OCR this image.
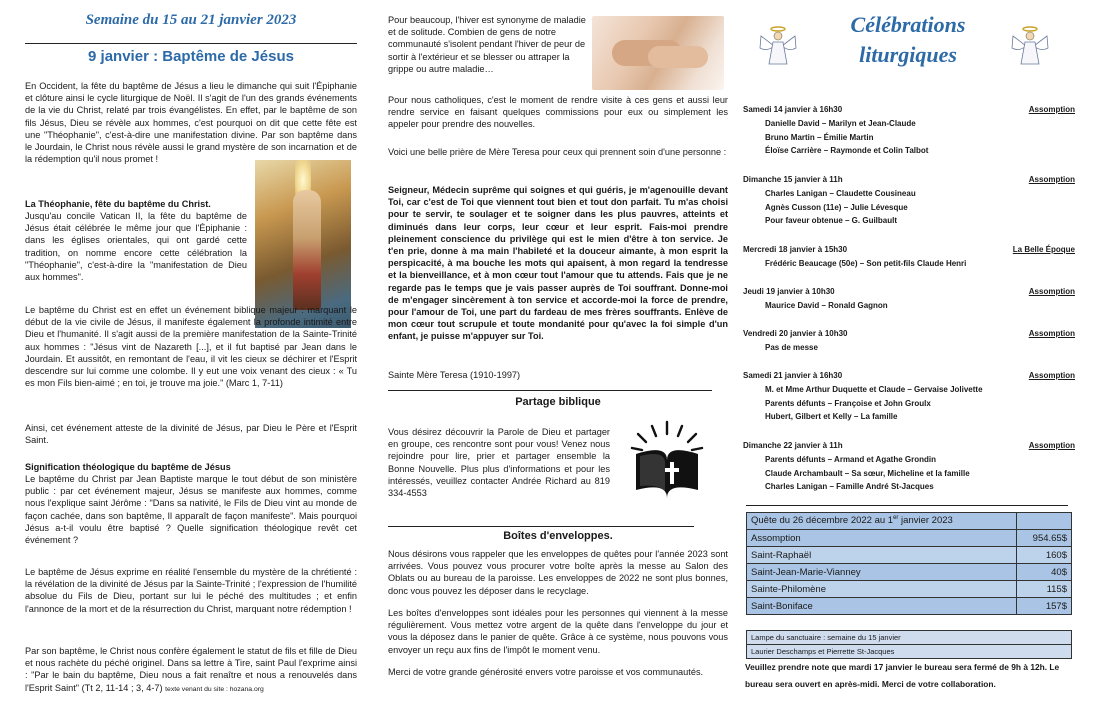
Semaine du 15 au 21 janvier 2023
9 janvier : Baptême de Jésus

En Occident, la fête du baptême de Jésus a lieu le dimanche qui suit l'Épiphanie et clôture ainsi le cycle liturgique de Noël. Il s'agit de l'un des grands événements de la vie du Christ, relaté par trois évangélistes. En effet, par le baptême de son fils Jésus, Dieu se révèle aux hommes, c'est pourquoi on dit que cette fête est une "Théophanie", c'est-à-dire une manifestation divine. Par son baptême dans le Jourdain, le Christ nous révèle aussi le grand mystère de son incarnation et de la rédemption qu'il nous promet !

La Théophanie, fête du baptême du Christ.

Jusqu'au concile Vatican II, la fête du baptême de Jésus était célébrée le même jour que l'Épiphanie : dans les églises orientales, qui ont gardé cette tradition, on nomme encore cette célébration la "Théophanie", c'est-à-dire la "manifestation de Dieu aux hommes".

Le baptême du Christ est en effet un événement biblique majeur : marquant le début de la vie civile de Jésus, il manifeste également la profonde intimité entre Dieu et l'humanité. Il s'agit aussi de la première manifestation de la Sainte-Trinité aux hommes : "Jésus vint de Nazareth [...], et il fut baptisé par Jean dans le Jourdain. Et aussitôt, en remontant de l'eau, il vit les cieux se déchirer et l'Esprit descendre sur lui comme une colombe. Il y eut une voix venant des cieux : « Tu es mon Fils bien-aimé ; en toi, je trouve ma joie." (Marc 1, 7-11)

Ainsi, cet événement atteste de la divinité de Jésus, par Dieu le Père et l'Esprit Saint.

Signification théologique du baptême de Jésus

Le baptême du Christ par Jean Baptiste marque le tout début de son ministère public : par cet événement majeur, Jésus se manifeste aux hommes, comme nous l'explique saint Jérôme : "Dans sa nativité, le Fils de Dieu vint au monde de façon cachée, dans son baptême, Il apparaît de façon manifeste". Mais pourquoi Jésus a-t-il voulu être baptisé ? Quelle signification théologique revêt cet événement ?

Le baptême de Jésus exprime en réalité l'ensemble du mystère de la chrétienté : la révélation de la divinité de Jésus par la Sainte-Trinité ; l'expression de l'humilité absolue du Fils de Dieu, portant sur lui le péché des multitudes ; et enfin l'annonce de la mort et de la résurrection du Christ, marquant notre rédemption !

Par son baptême, le Christ nous confère également le statut de fils et fille de Dieu et nous rachète du péché originel. Dans sa lettre à Tire, saint Paul l'exprime ainsi : "Par le bain du baptême, Dieu nous a fait renaître et nous a renouvelés dans l'Esprit Saint" (Tt 2, 11-14 ; 3, 4-7) texte venant du site : hozana.org

Pour beaucoup, l'hiver est synonyme de maladie et de solitude. Combien de gens de notre communauté s'isolent pendant l'hiver de peur de sortir à l'extérieur et se blesser ou attraper la grippe ou autre maladie…

Pour nous catholiques, c'est le moment de rendre visite à ces gens et aussi leur rendre service en faisant quelques commissions pour eux ou simplement les appeler pour prendre des nouvelles.

Voici une belle prière de Mère Teresa pour ceux qui prennent soin d'une personne :

Seigneur, Médecin suprême qui soignes et qui guéris, je m'agenouille devant Toi, car c'est de Toi que viennent tout bien et tout don parfait. Tu m'as choisi pour te servir, te soulager et te soigner dans les plus pauvres, atteints et diminués dans leur corps, leur cœur et leur esprit. Fais-moi prendre pleinement conscience du privilège qui est le mien d'être à ton service. Je t'en prie, donne à ma main l'habileté et la douceur aimante, à mon esprit la perspicacité, à ma bouche les mots qui apaisent, à mon regard la tendresse et la bienveillance, et à mon cœur tout l'amour que tu attends. Fais que je ne regarde pas le temps que je vais passer auprès de Toi souffrant. Donne-moi de m'engager sincèrement à ton service et accorde-moi la force de prendre, pour l'amour de Toi, une part du fardeau de mes frères souffrants. Enlève de mon cœur tout scrupule et toute mondanité pour qu'avec la foi simple d'un enfant, je puisse m'appuyer sur Toi.

Sainte Mère Teresa (1910-1997)

Partage biblique

Vous désirez découvrir la Parole de Dieu et partager en groupe, ces rencontre sont pour vous! Venez nous rejoindre pour lire, prier et partager ensemble la Bonne Nouvelle. Plus plus d'informations et pour les intéressés, veuillez contacter Andrée Richard au 819 334-4553

Boîtes d'enveloppes.

Nous désirons vous rappeler que les enveloppes de quêtes pour l'année 2023 sont arrivées. Vous pouvez vous procurer votre boîte après la messe au Salon des Oblats ou au bureau de la paroisse. Les enveloppes de 2022 ne sont plus bonnes, donc vous pouvez les déposer dans le recyclage.

Les boîtes d'enveloppes sont idéales pour les personnes qui viennent à la messe régulièrement. Vous mettez votre argent de la quête dans l'enveloppe du jour et vous la déposez dans le panier de quête. Grâce à ce système, nous pouvons vous envoyer un reçu aux fins de l'impôt le moment venu.

Merci de votre grande générosité envers votre paroisse et vos communautés.

Célébrations
liturgiques
Samedi 14 janvier à 16h30	Assomption
Danielle David – Marilyn et Jean-Claude
Bruno Martin – Émilie Martin
Éloïse Carrière – Raymonde et Colin Talbot
Dimanche 15 janvier à 11h	Assomption
Charles Lanigan – Claudette Cousineau
Agnès Cusson (11e) – Julie Lévesque
Pour faveur obtenue – G. Guilbault
Mercredi 18 janvier à 15h30	La Belle Époque
Frédéric Beaucage (50e) – Son petit-fils Claude Henri
Jeudi 19 janvier à 10h30	Assomption
Maurice David – Ronald Gagnon
Vendredi 20 janvier à 10h30	Assomption
Pas de messe
Samedi 21 janvier à 16h30	Assomption
M. et Mme Arthur Duquette et Claude – Gervaise Jolivette
Parents défunts – Françoise et John Groulx
Hubert, Gilbert et Kelly – La famille
Dimanche 22 janvier à 11h	Assomption
Parents défunts – Armand et Agathe Grondin
Claude Archambault – Sa sœur, Micheline et la famille
Charles Lanigan – Famille André St-Jacques
Quête du 26 décembre 2022 au 1er janvier 2023	
Assomption	954.65$
Saint-Raphaël	160$
Saint-Jean-Marie-Vianney	40$
Sainte-Philomène	115$
Saint-Boniface	157$
Lampe du sanctuaire : semaine du 15 janvier
Laurier Deschamps et Pierrette St-Jacques
Veuillez prendre note que mardi 17 janvier le bureau sera fermé de 9h à 12h. Le bureau sera ouvert en après-midi. Merci de votre collaboration.
